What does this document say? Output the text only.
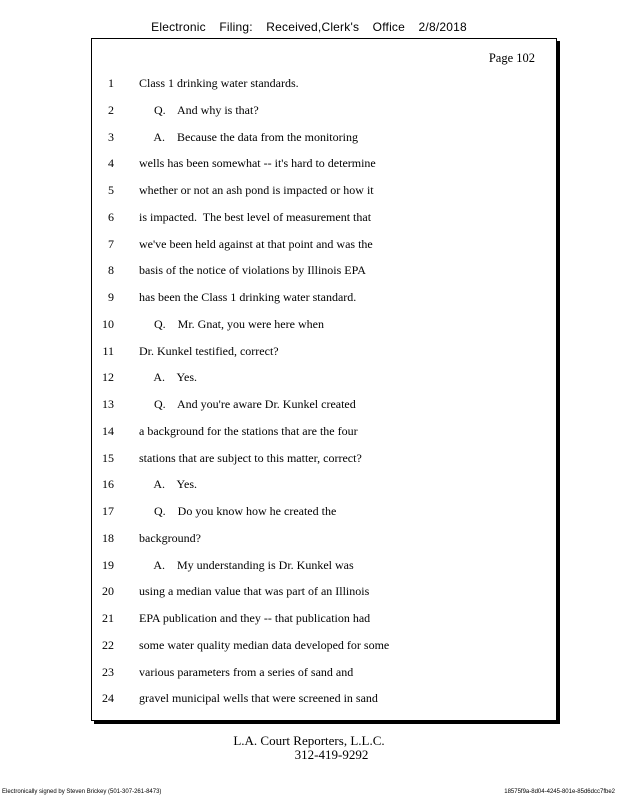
Electronic Filing: Received,Clerk's Office 2/8/2018
Page 102
1 Class 1 drinking water standards.
2 Q.    And why is that?
3 A.    Because the data from the monitoring
4 wells has been somewhat -- it's hard to determine
5 whether or not an ash pond is impacted or how it
6 is impacted.  The best level of measurement that
7 we've been held against at that point and was the
8 basis of the notice of violations by Illinois EPA
9 has been the Class 1 drinking water standard.
10 Q.    Mr. Gnat, you were here when
11 Dr. Kunkel testified, correct?
12 A.    Yes.
13 Q.    And you're aware Dr. Kunkel created
14 a background for the stations that are the four
15 stations that are subject to this matter, correct?
16 A.    Yes.
17 Q.    Do you know how he created the
18 background?
19 A.    My understanding is Dr. Kunkel was
20 using a median value that was part of an Illinois
21 EPA publication and they -- that publication had
22 some water quality median data developed for some
23 various parameters from a series of sand and
24 gravel municipal wells that were screened in sand
L.A. Court Reporters, L.L.C.
312-419-9292
Electronically signed by Steven Brickey (501-307-261-8473)	18575f9a-8d04-4245-801e-85d6dcc7fbe2
